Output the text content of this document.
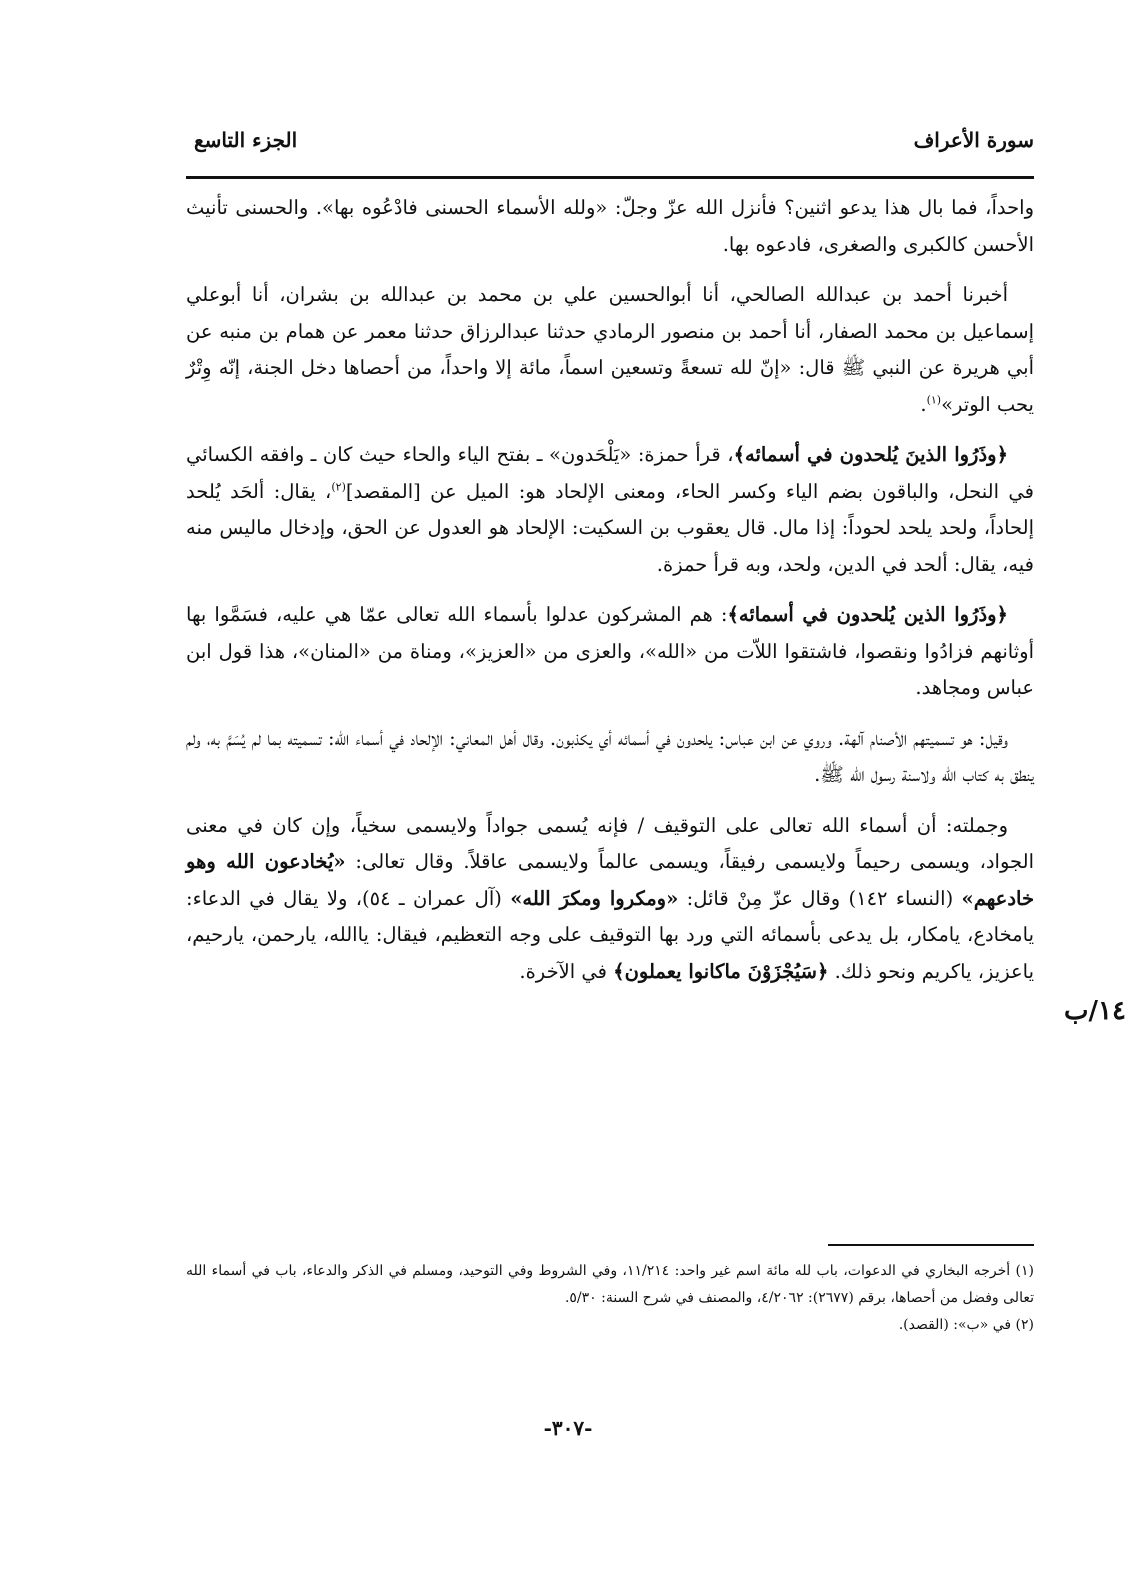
سورة الأعراف
الجزء التاسع

واحداً، فما بال هذا يدعو اثنين؟ فأنزل الله عزّ وجلّ: «ولله الأسماء الحسنى فادْعُوه بها». والحسنى تأنيث الأحسن كالكبرى والصغرى، فادعوه بها.

أخبرنا أحمد بن عبدالله الصالحي، أنا أبوالحسين علي بن محمد بن عبدالله بن بشران، أنا أبوعلي إسماعيل بن محمد الصفار، أنا أحمد بن منصور الرمادي حدثنا عبدالرزاق حدثنا معمر عن همام بن منبه عن أبي هريرة عن النبي ﷺ قال: «إنّ لله تسعةً وتسعين اسماً، مائة إلا واحداً، من أحصاها دخل الجنة، إنّه وِتْرٌ يحب الوتر»$^{(١)}$.

﴿وذَرُوا الذينَ يُلحدون في أسمائه﴾، قرأ حمزة: «يَلْحَدون» ـ بفتح الياء والحاء حيث كان ـ وافقه الكسائي في النحل، والباقون بضم الياء وكسر الحاء، ومعنى الإلحاد هو: الميل عن [المقصد]$^{(٢)}$، يقال: ألحَد يُلحد إلحاداً، ولحد يلحد لحوداً: إذا مال. قال يعقوب بن السكيت: الإلحاد هو العدول عن الحق، وإدخال ماليس منه فيه، يقال: ألحد في الدين، ولحد، وبه قرأ حمزة.

﴿وذَرُوا الذين يُلحدون في أسمائه﴾: هم المشركون عدلوا بأسماء الله تعالى عمّا هي عليه، فسَمَّوا بها أوثانهم فزادُوا ونقصوا، فاشتقوا اللاّت من «الله»، والعزى من «العزيز»، ومناة من «المنان»، هذا قول ابن عباس ومجاهد.

وقيل: هو تسميتهم الأصنام آلهة. وروي عن ابن عباس: يلحدون في أسمائه أي يكذبون. وقال أهل المعاني: الإلحاد في أسماء الله: تسميته بما لم يُسَمَّ به، ولم ينطق به كتاب الله ولاسنة رسول الله ﷺ.

وجملته: أن أسماء الله تعالى على التوقيف / فإنه يُسمى جواداً ولايسمى سخياً، وإن كان في معنى الجواد، ويسمى رحيماً ولايسمى رفيقاً، ويسمى عالماً ولايسمى عاقلاً. وقال تعالى: «يُخادعون الله وهو خادعهم» (النساء ١٤٢) وقال عزّ مِنْ قائل: «ومكروا ومكرَ الله» (آل عمران ـ ٥٤)، ولا يقال في الدعاء: يامخادع، يامكار، بل يدعى بأسمائه التي ورد بها التوقيف على وجه التعظيم، فيقال: ياالله، يارحمن، يارحيم، ياعزيز، ياكريم ونحو ذلك. ﴿سَيُجْزَوْنَ ماكانوا يعملون﴾ في الآخرة.

١٤/ب

(١) أخرجه البخاري في الدعوات، باب لله مائة اسم غير واحد: ١١/٢١٤، وفي الشروط وفي التوحيد، ومسلم في الذكر والدعاء، باب في أسماء الله تعالى وفضل من أحصاها، برقم (٢٦٧٧): ٤/٢٠٦٢، والمصنف في شرح السنة: ٥/٣٠.

(٢) في «ب»: (القصد).

-٣٠٧-
